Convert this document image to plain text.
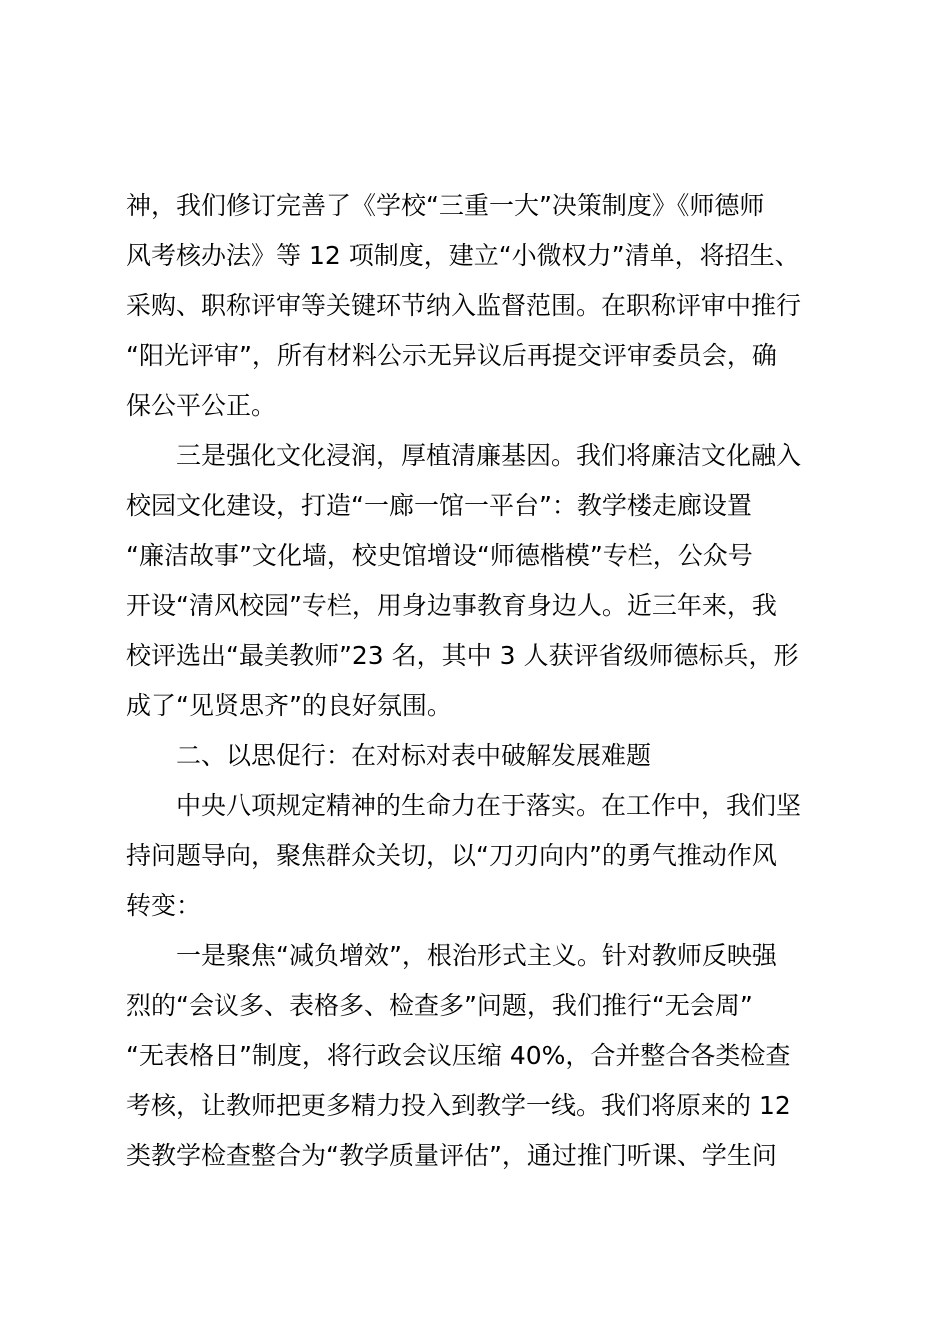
神，我们修订完善了《学校“三重一大”决策制度》《师德师
风考核办法》等 12 项制度，建立“小微权力”清单，将招生、
采购、职称评审等关键环节纳入监督范围。在职称评审中推行
“阳光评审”，所有材料公示无异议后再提交评审委员会，确
保公平公正。
三是强化文化浸润，厚植清廉基因。我们将廉洁文化融入
校园文化建设，打造“一廊一馆一平台”：教学楼走廊设置
“廉洁故事”文化墙，校史馆增设“师德楷模”专栏，公众号
开设“清风校园”专栏，用身边事教育身边人。近三年来，我
校评选出“最美教师”23 名，其中 3 人获评省级师德标兵，形
成了“见贤思齐”的良好氛围。
二、以思促行：在对标对表中破解发展难题
中央八项规定精神的生命力在于落实。在工作中，我们坚
持问题导向，聚焦群众关切，以“刀刃向内”的勇气推动作风
转变：
一是聚焦“减负增效”，根治形式主义。针对教师反映强
烈的“会议多、表格多、检查多”问题，我们推行“无会周”
“无表格日”制度，将行政会议压缩 40%，合并整合各类检查
考核，让教师把更多精力投入到教学一线。我们将原来的 12
类教学检查整合为“教学质量评估”，通过推门听课、学生问
